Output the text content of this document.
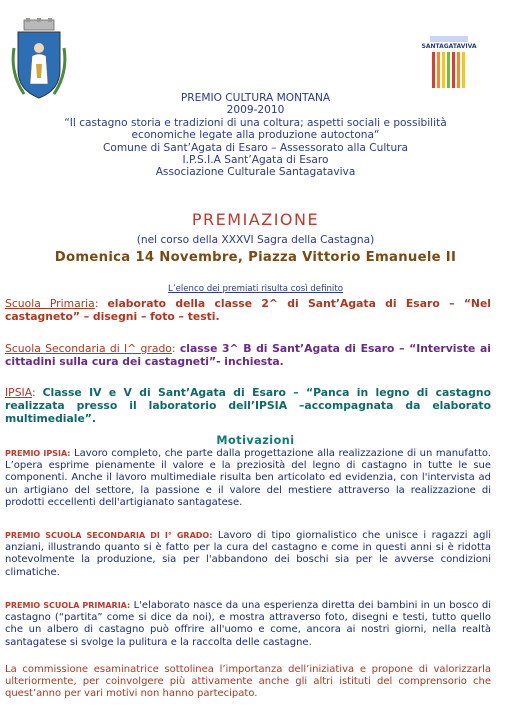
SANTAGATAVIVA
PREMIO CULTURA MONTANA
2009-2010
“Il castagno storia e tradizioni di una coltura; aspetti sociali e possibilità
economiche legate alla produzione autoctona“
Comune di Sant’Agata di Esaro – Assessorato alla Cultura
I.P.S.I.A Sant’Agata di Esaro
Associazione Culturale Santagataviva
PREMIAZIONE
(nel corso della XXXVI Sagra della Castagna)
Domenica 14 Novembre, Piazza Vittorio Emanuele II
L’elenco dei premiati risulta così definito
Scuola Primaria: elaborato della classe 2^ di Sant’Agata di Esaro – “Nel castagneto” – disegni – foto – testi.
Scuola Secondaria di I^ grado: classe 3^ B di Sant’Agata di Esaro – “Interviste ai cittadini sulla cura dei castagneti”- inchiesta.
IPSIA: Classe IV e V di Sant’Agata di Esaro – “Panca in legno di castagno realizzata presso il laboratorio dell’IPSIA –accompagnata da elaborato multimediale”.
Motivazioni
PREMIO IPSIA: Lavoro completo, che parte dalla progettazione alla realizzazione di un manufatto. L’opera esprime pienamente il valore e la preziosità del legno di castagno in tutte le sue componenti. Anche il lavoro multimediale risulta ben articolato ed evidenzia, con l'intervista ad un artigiano del settore, la passione e il valore del mestiere attraverso la realizzazione di prodotti eccellenti dell'artigianato santagatese.
PREMIO SCUOLA SECONDARIA DI I° GRADO: Lavoro di tipo giornalistico che unisce i ragazzi agli anziani, illustrando quanto si è fatto per la cura del castagno e come in questi anni si è ridotta notevolmente la produzione, sia per l'abbandono dei boschi sia per le avverse condizioni climatiche.
PREMIO SCUOLA PRIMARIA: L'elaborato nasce da una esperienza diretta dei bambini in un bosco di castagno (“partita” come si dice da noi), e mostra attraverso foto, disegni e testi, tutto quello che un albero di castagno può offrire all'uomo e come, ancora ai nostri giorni, nella realtà santagatese si svolge la pulitura e la raccolta delle castagne.
La commissione esaminatrice sottolinea l’importanza dell’iniziativa e propone di valorizzarla ulteriormente, per coinvolgere più attivamente anche gli altri istituti del comprensorio che quest’anno per vari motivi non hanno partecipato.
